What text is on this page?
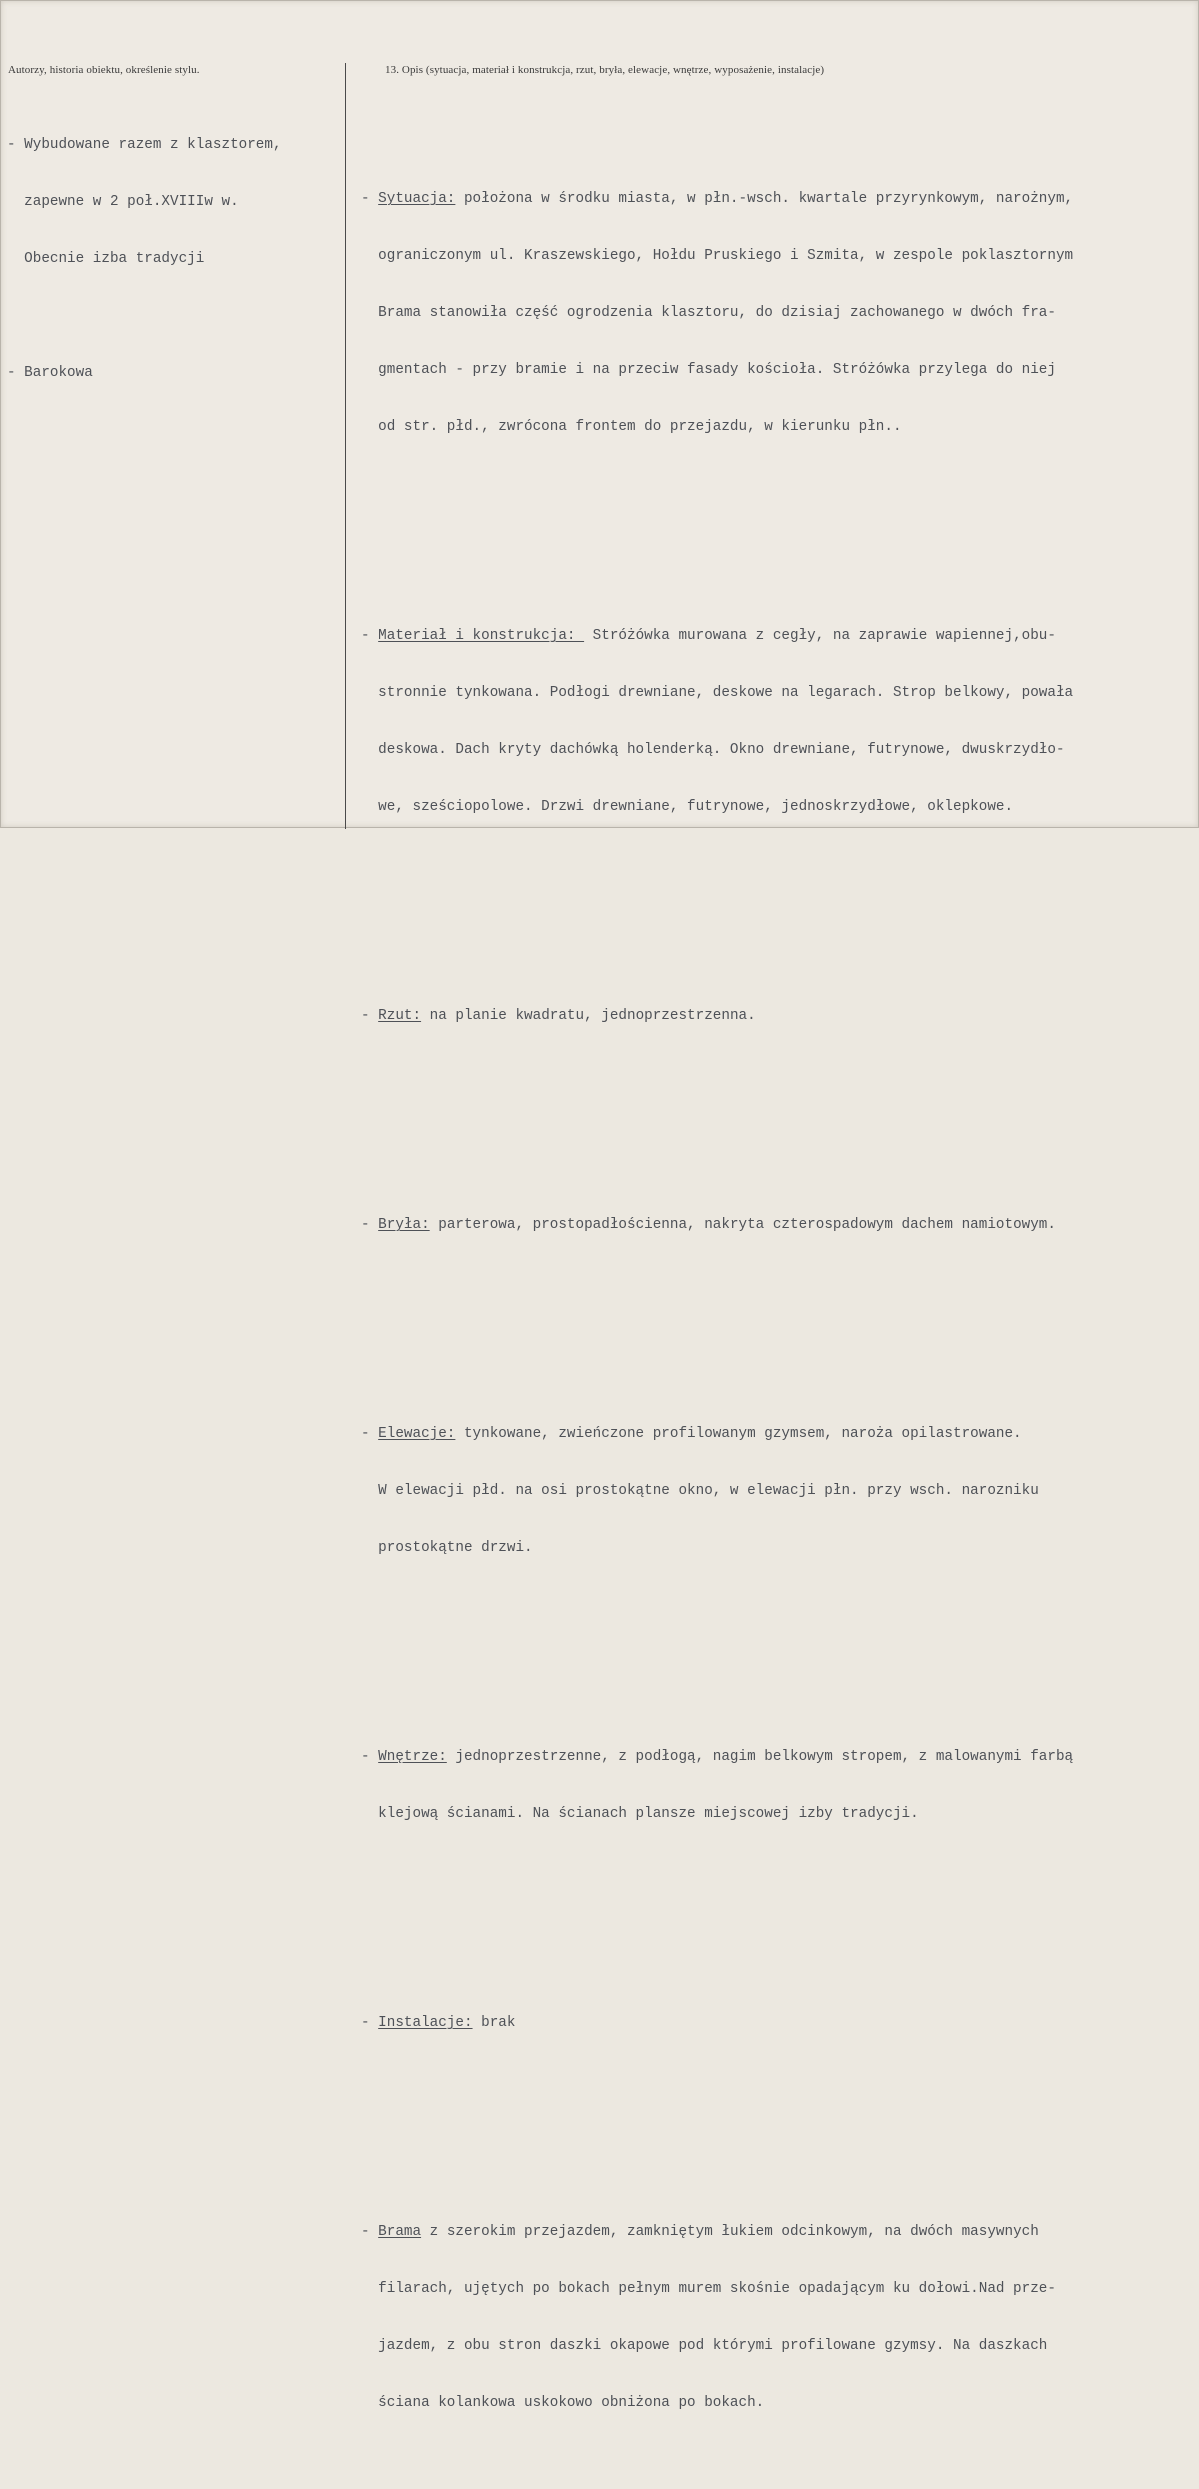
Autorzy, historia obiektu, określenie stylu.	13. Opis (sytuacja, materiał i konstrukcja, rzut, bryła, elewacje, wnętrze, wyposażenie, instalacje)

- Wybudowane razem z klasztorem,

zapewne w 2 poł.XVIIIw w.

Obecnie izba tradycji

- Barokowa

- Sytuacja: położona w środku miasta, w płn.-wsch. kwartale przyrynkowym, narożnym,

ograniczonym ul. Kraszewskiego, Hołdu Pruskiego i Szmita, w zespole poklasztornym

Brama stanowiła część ogrodzenia klasztoru, do dzisiaj zachowanego w dwóch fra-

gmentach - przy bramie i na przeciw fasady kościoła. Stróżówka przylega do niej

od str. płd., zwrócona frontem do przejazdu, w kierunku płn..

- Materiał i konstrukcja:  Stróżówka murowana z cegły, na zaprawie wapiennej,obu-

stronnie tynkowana. Podłogi drewniane, deskowe na legarach. Strop belkowy, powała

deskowa. Dach kryty dachówką holenderką. Okno drewniane, futrynowe, dwuskrzydło-

we, sześciopolowe. Drzwi drewniane, futrynowe, jednoskrzydłowe, oklepkowe.

- Rzut: na planie kwadratu, jednoprzestrzenna.

- Bryła: parterowa, prostopadłościenna, nakryta czterospadowym dachem namiotowym.

- Elewacje: tynkowane, zwieńczone profilowanym gzymsem, naroża opilastrowane.

W elewacji płd. na osi prostokątne okno, w elewacji płn. przy wsch. narozniku

prostokątne drzwi.

- Wnętrze: jednoprzestrzenne, z podłogą, nagim belkowym stropem, z malowanymi farbą

klejową ścianami. Na ścianach plansze miejscowej izby tradycji.

- Instalacje: brak

- Brama z szerokim przejazdem, zamkniętym łukiem odcinkowym, na dwóch masywnych

filarach, ujętych po bokach pełnym murem skośnie opadającym ku dołowi.Nad prze-

jazdem, z obu stron daszki okapowe pod którymi profilowane gzymsy. Na daszkach

ściana kolankowa uskokowo obniżona po bokach.
